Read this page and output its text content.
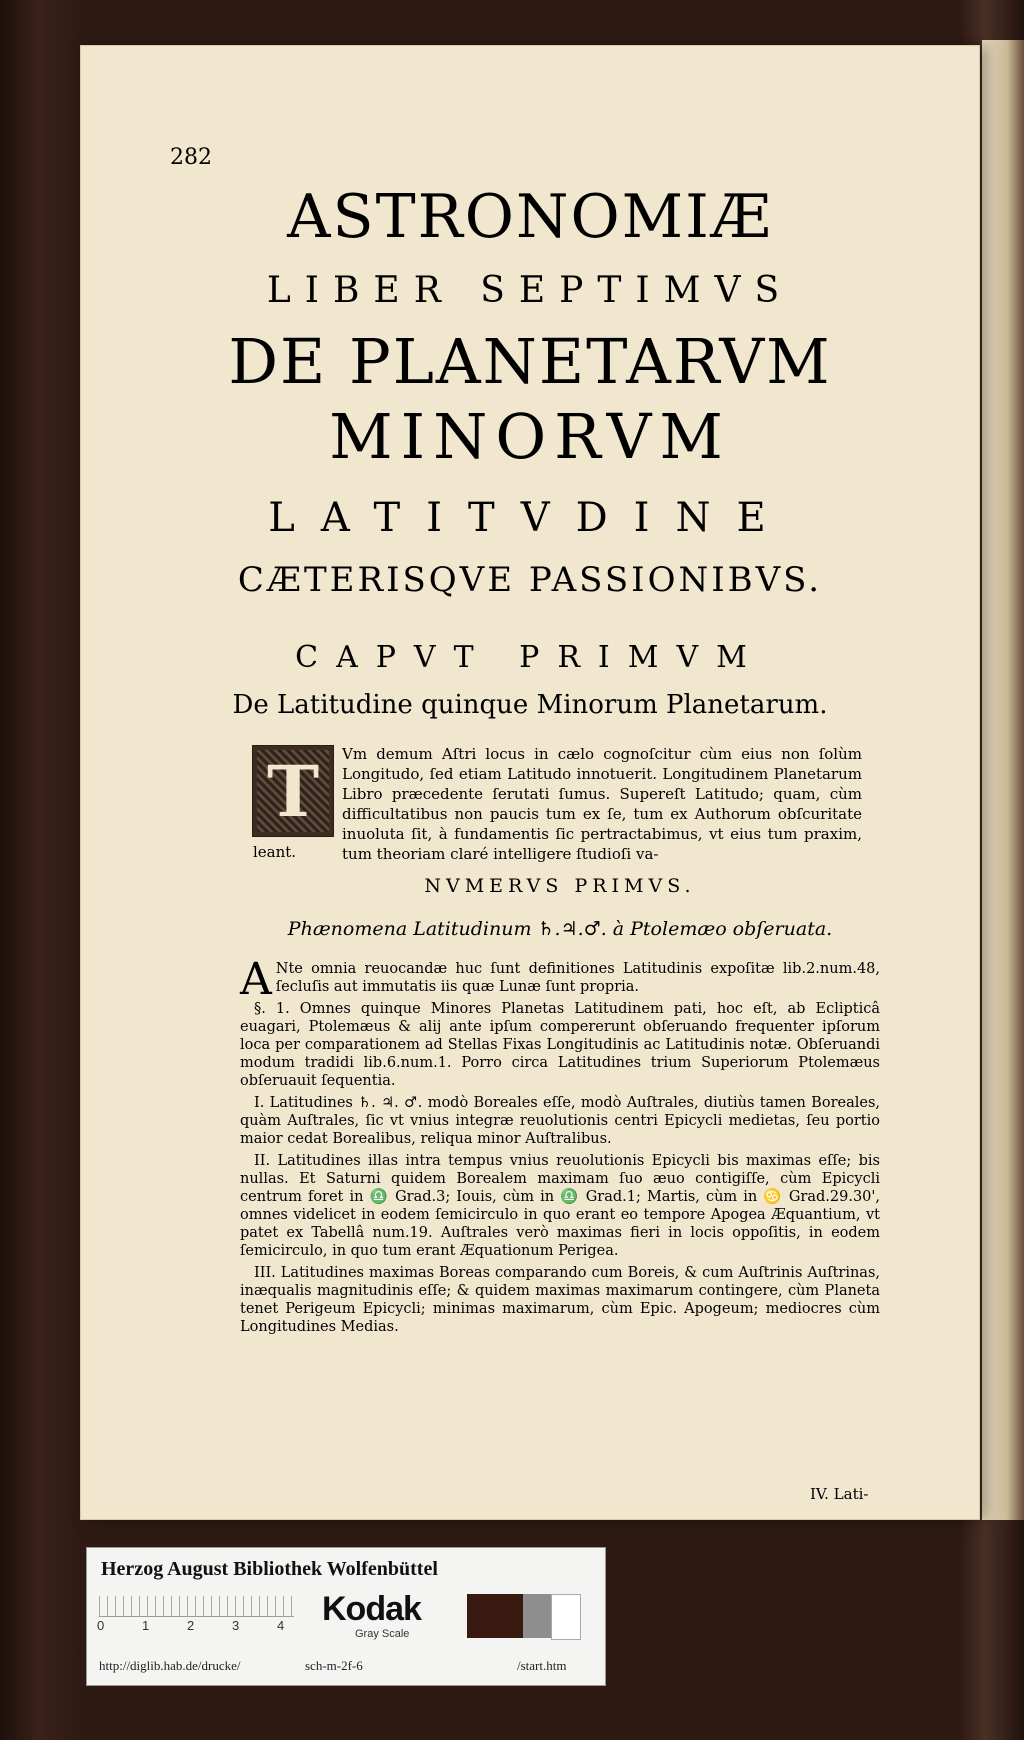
282
ASTRONOMIÆ
LIBER SEPTIMVS
DE PLANETARVM
MINORVM
LATITVDINE
CÆTERISQVE PASSIONIBVS.
CAPVT PRIMVM
De Latitudine quinque Minorum Planetarum.
T	Vm demum Aſtri locus in cælo cognoſcitur cùm eius non ſolùm Longitudo, ſed etiam Latitudo innotuerit. Longitudinem Planetarum Libro præcedente ſerutati ſumus. Supereſt Latitudo; quam, cùm difficultatibus non paucis tum ex ſe, tum ex Authorum obſcuritate inuoluta ſit, à fundamentis ſic pertractabimus, vt eius tum praxim, tum theoriam claré intelligere ſtudioſi va-
leant.
NVMERVS PRIMVS.
Phænomena Latitudinum ♄.♃.♂. à Ptolemæo obſeruata.

A Nte omnia reuocandæ huc ſunt definitiones Latitudinis expoſitæ lib.2.num.48, ſecluſis aut immutatis iis quæ Lunæ ſunt propria.

§. 1. Omnes quinque Minores Planetas Latitudinem pati, hoc eſt, ab Eclipticâ euagari, Ptolemæus & alij ante ipſum compererunt obſeruando frequenter ipſorum loca per comparationem ad Stellas Fixas Longitudinis ac Latitudinis notæ. Obſeruandi modum tradidi lib.6.num.1. Porro circa Latitudines trium Superiorum Ptolemæus obſeruauit ſequentia.

I. Latitudines ♄. ♃. ♂. modò Boreales eſſe, modò Auſtrales, diutiùs tamen Boreales, quàm Auſtrales, ſic vt vnius integræ reuolutionis centri Epicycli medietas, ſeu portio maior cedat Borealibus, reliqua minor Auſtralibus.

II. Latitudines illas intra tempus vnius reuolutionis Epicycli bis maximas eſſe; bis nullas. Et Saturni quidem Borealem maximam ſuo æuo contigiſſe, cùm Epicycli centrum foret in ♎ Grad.3; Iouis, cùm in ♎ Grad.1; Martis, cùm in ♋ Grad.29.30', omnes videlicet in eodem ſemicirculo in quo erant eo tempore Apogea Æquantium, vt patet ex Tabellâ num.19. Auſtrales verò maximas fieri in locis oppoſitis, in eodem ſemicirculo, in quo tum erant Æquationum Perigea.

III. Latitudines maximas Boreas comparando cum Boreis, & cum Auſtrinis Auſtrinas, inæqualis magnitudinis eſſe; & quidem maximas maximarum contingere, cùm Planeta tenet Perigeum Epicycli; minimas maximarum, cùm Epic. Apogeum; mediocres cùm Longitudines Medias.

IV. Lati-
Herzog August Bibliothek Wolfenbüttel
0	1	2	3	4 Kodak
Gray Scale
http://diglib.hab.de/drucke/	sch-m-2f-6	/start.htm
